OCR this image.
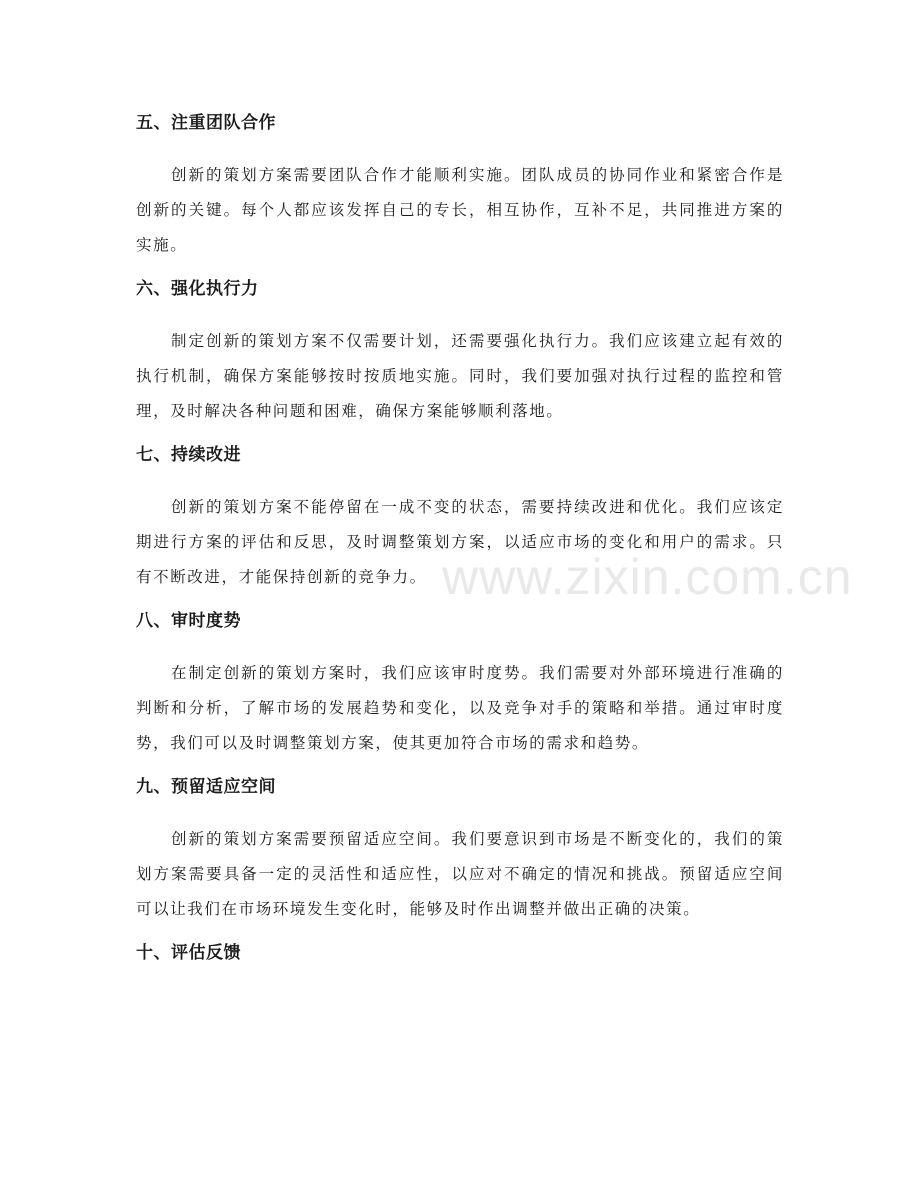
www.zixin.com.cn
五、注重团队合作

创新的策划方案需要团队合作才能顺利实施。团队成员的协同作业和紧密合作是创新的关键。每个人都应该发挥自己的专长，相互协作，互补不足，共同推进方案的实施。

六、强化执行力

制定创新的策划方案不仅需要计划，还需要强化执行力。我们应该建立起有效的执行机制，确保方案能够按时按质地实施。同时，我们要加强对执行过程的监控和管理，及时解决各种问题和困难，确保方案能够顺利落地。

七、持续改进

创新的策划方案不能停留在一成不变的状态，需要持续改进和优化。我们应该定期进行方案的评估和反思，及时调整策划方案，以适应市场的变化和用户的需求。只有不断改进，才能保持创新的竞争力。

八、审时度势

在制定创新的策划方案时，我们应该审时度势。我们需要对外部环境进行准确的判断和分析，了解市场的发展趋势和变化，以及竞争对手的策略和举措。通过审时度势，我们可以及时调整策划方案，使其更加符合市场的需求和趋势。

九、预留适应空间

创新的策划方案需要预留适应空间。我们要意识到市场是不断变化的，我们的策划方案需要具备一定的灵活性和适应性，以应对不确定的情况和挑战。预留适应空间可以让我们在市场环境发生变化时，能够及时作出调整并做出正确的决策。

十、评估反馈
